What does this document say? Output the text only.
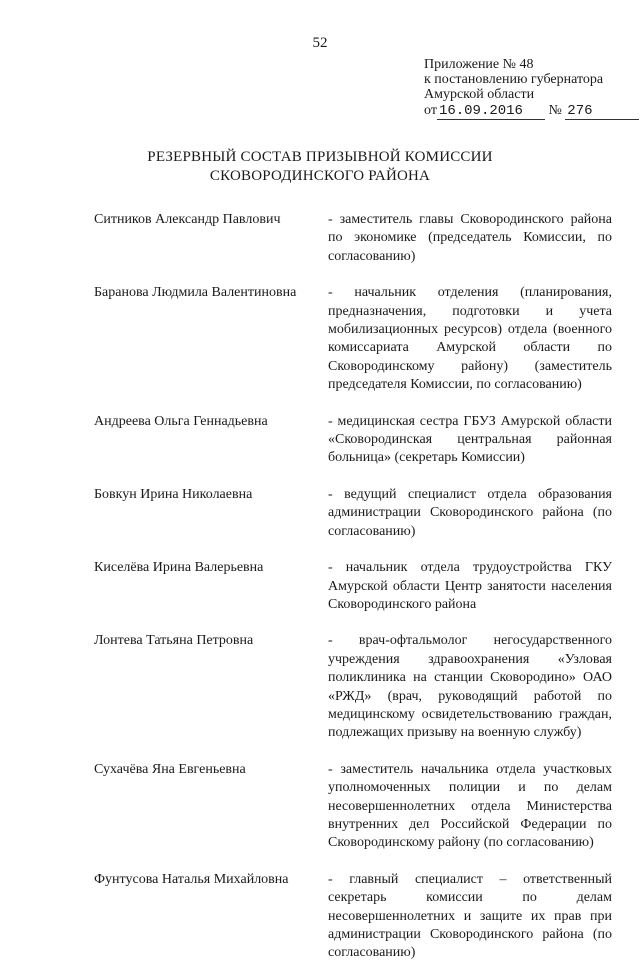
52
Приложение № 48
к постановлению губернатора
Амурской области
от 16.09.2016 № 276
РЕЗЕРВНЫЙ СОСТАВ ПРИЗЫВНОЙ КОМИССИИ
СКОВОРОДИНСКОГО РАЙОНА
Ситников Александр Павлович	- заместитель главы Сковородинского района по экономике (председатель Комиссии, по согласованию)
Баранова Людмила Валентиновна	- начальник отделения (планирования, предназначения, подготовки и учета мобилизационных ресурсов) отдела (военного комиссариата Амурской области по Сковородинскому району) (заместитель председателя Комиссии, по согласованию)
Андреева Ольга Геннадьевна	- медицинская сестра ГБУЗ Амурской области «Сковородинская центральная районная больница» (секретарь Комиссии)
Бовкун Ирина Николаевна	- ведущий специалист отдела образования администрации Сковородинского района (по согласованию)
Киселёва Ирина Валерьевна	- начальник отдела трудоустройства ГКУ Амурской области Центр занятости населения Сковородинского района
Лонтева Татьяна Петровна	- врач-офтальмолог негосударственного учреждения здравоохранения «Узловая поликлиника на станции Сковородино» ОАО «РЖД» (врач, руководящий работой по медицинскому освидетельствованию граждан, подлежащих призыву на военную службу)
Сухачёва Яна Евгеньевна	- заместитель начальника отдела участковых уполномоченных полиции и по делам несовершеннолетних отдела Министерства внутренних дел Российской Федерации по Сковородинскому району (по согласованию)
Фунтусова Наталья Михайловна	- главный специалист – ответственный секретарь комиссии по делам несовершеннолетних и защите их прав при администрации Сковородинского района (по согласованию)
